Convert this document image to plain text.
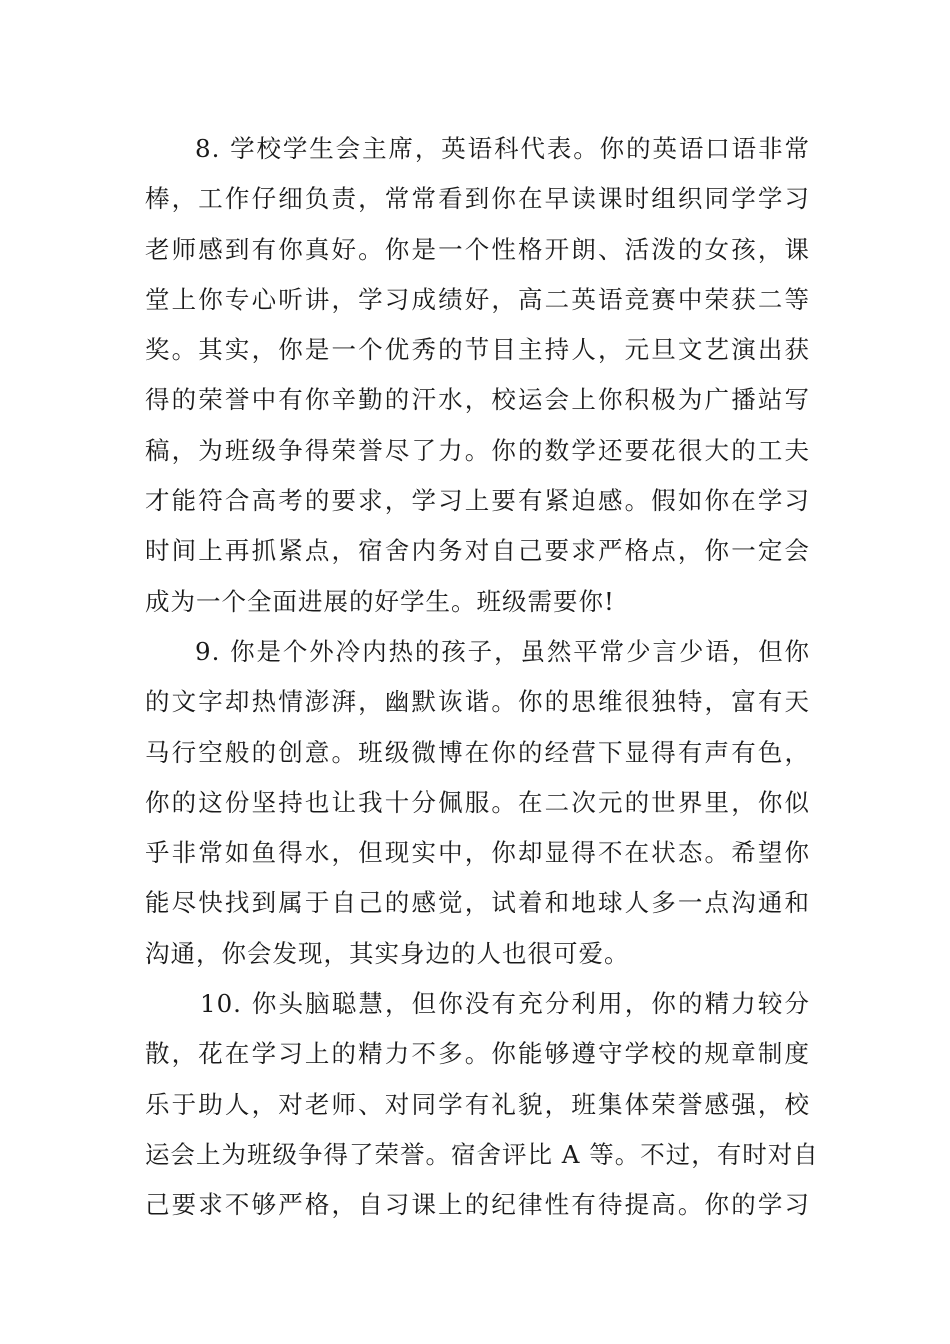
8. 学校学生会主席，英语科代表。你的英语口语非常
棒，工作仔细负责，常常看到你在早读课时组织同学学习
老师感到有你真好。你是一个性格开朗、活泼的女孩，课
堂上你专心听讲，学习成绩好，高二英语竞赛中荣获二等
奖。其实，你是一个优秀的节目主持人，元旦文艺演出获
得的荣誉中有你辛勤的汗水，校运会上你积极为广播站写
稿，为班级争得荣誉尽了力。你的数学还要花很大的工夫
才能符合高考的要求，学习上要有紧迫感。假如你在学习
时间上再抓紧点，宿舍内务对自己要求严格点，你一定会
成为一个全面进展的好学生。班级需要你!
9. 你是个外冷内热的孩子，虽然平常少言少语，但你
的文字却热情澎湃，幽默诙谐。你的思维很独特，富有天
马行空般的创意。班级微博在你的经营下显得有声有色，
你的这份坚持也让我十分佩服。在二次元的世界里，你似
乎非常如鱼得水，但现实中，你却显得不在状态。希望你
能尽快找到属于自己的感觉，试着和地球人多一点沟通和
沟通，你会发现，其实身边的人也很可爱。
10. 你头脑聪慧，但你没有充分利用，你的精力较分
散，花在学习上的精力不多。你能够遵守学校的规章制度
乐于助人，对老师、对同学有礼貌，班集体荣誉感强，校
运会上为班级争得了荣誉。宿舍评比 A 等。不过，有时对自
己要求不够严格，自习课上的纪律性有待提高。你的学习
